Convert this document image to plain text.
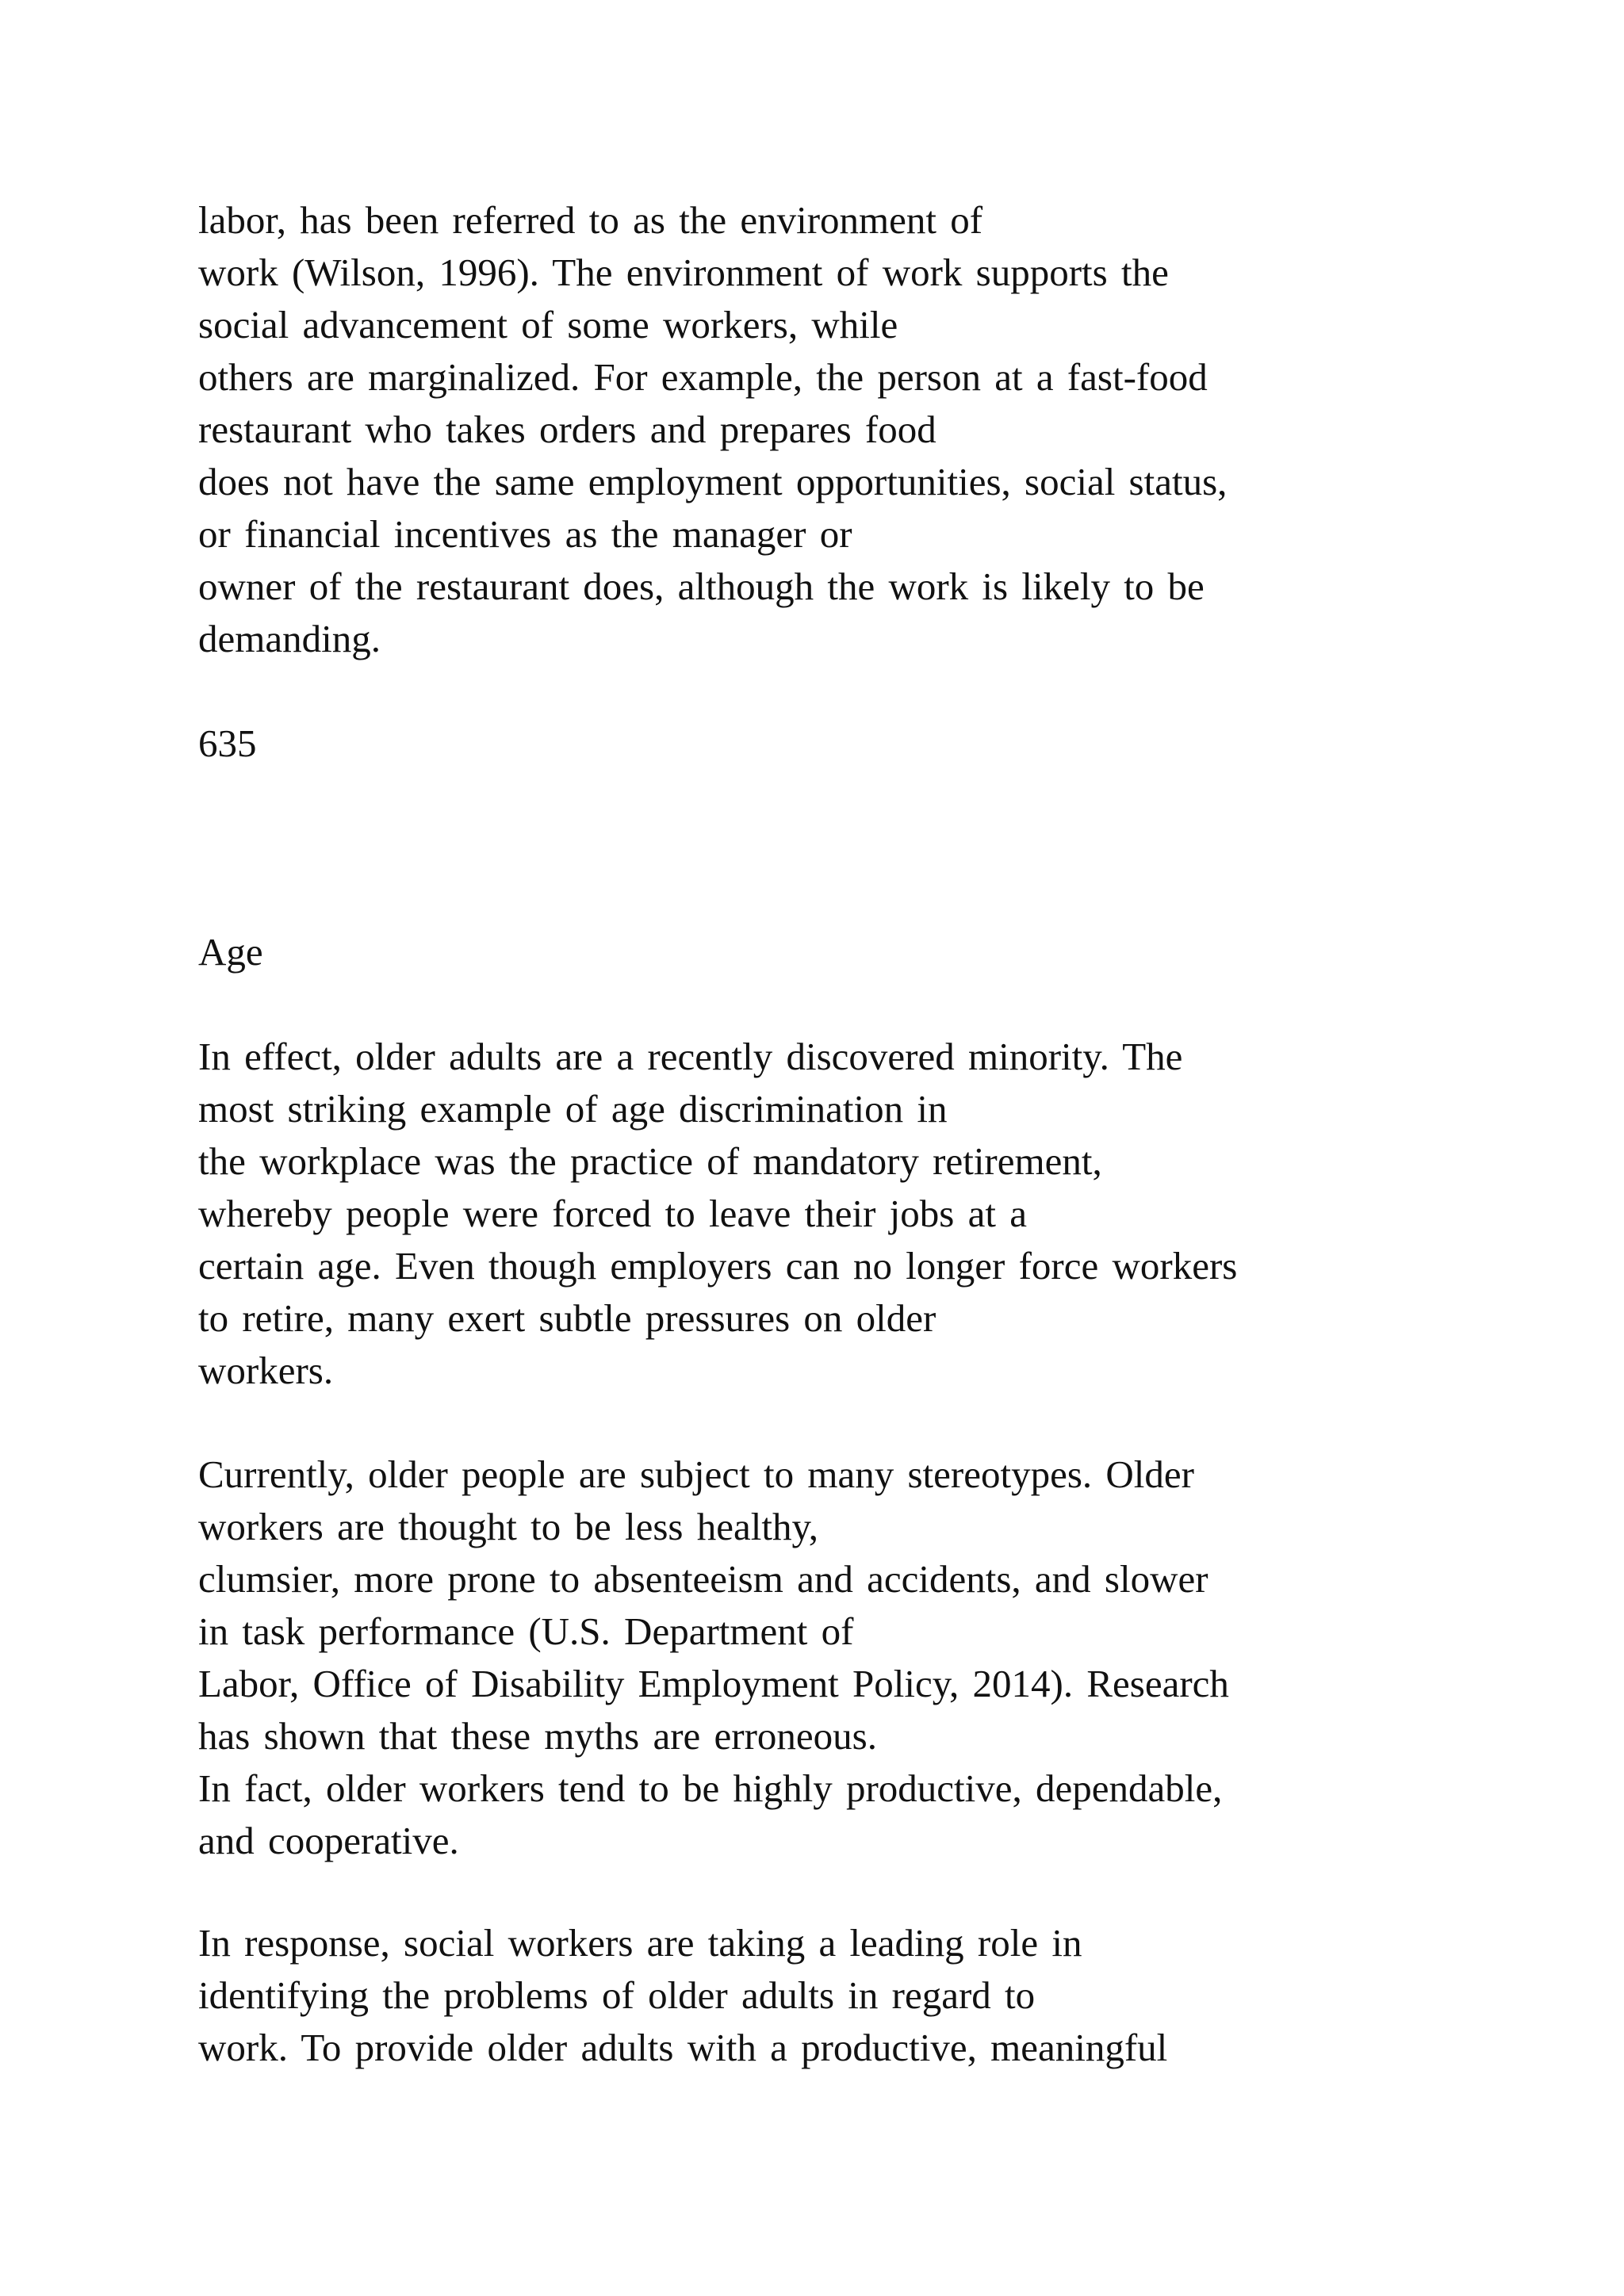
labor, has been referred to as the environment of
work (Wilson, 1996). The environment of work supports the
social advancement of some workers, while
others are marginalized. For example, the person at a fast-food
restaurant who takes orders and prepares food
does not have the same employment opportunities, social status,
or financial incentives as the manager or
owner of the restaurant does, although the work is likely to be
demanding.
635
Age
In effect, older adults are a recently discovered minority. The
most striking example of age discrimination in
the workplace was the practice of mandatory retirement,
whereby people were forced to leave their jobs at a
certain age. Even though employers can no longer force workers
to retire, many exert subtle pressures on older
workers.
Currently, older people are subject to many stereotypes. Older
workers are thought to be less healthy,
clumsier, more prone to absenteeism and accidents, and slower
in task performance (U.S. Department of
Labor, Office of Disability Employment Policy, 2014). Research
has shown that these myths are erroneous.
In fact, older workers tend to be highly productive, dependable,
and cooperative.
In response, social workers are taking a leading role in
identifying the problems of older adults in regard to
work. To provide older adults with a productive, meaningful
